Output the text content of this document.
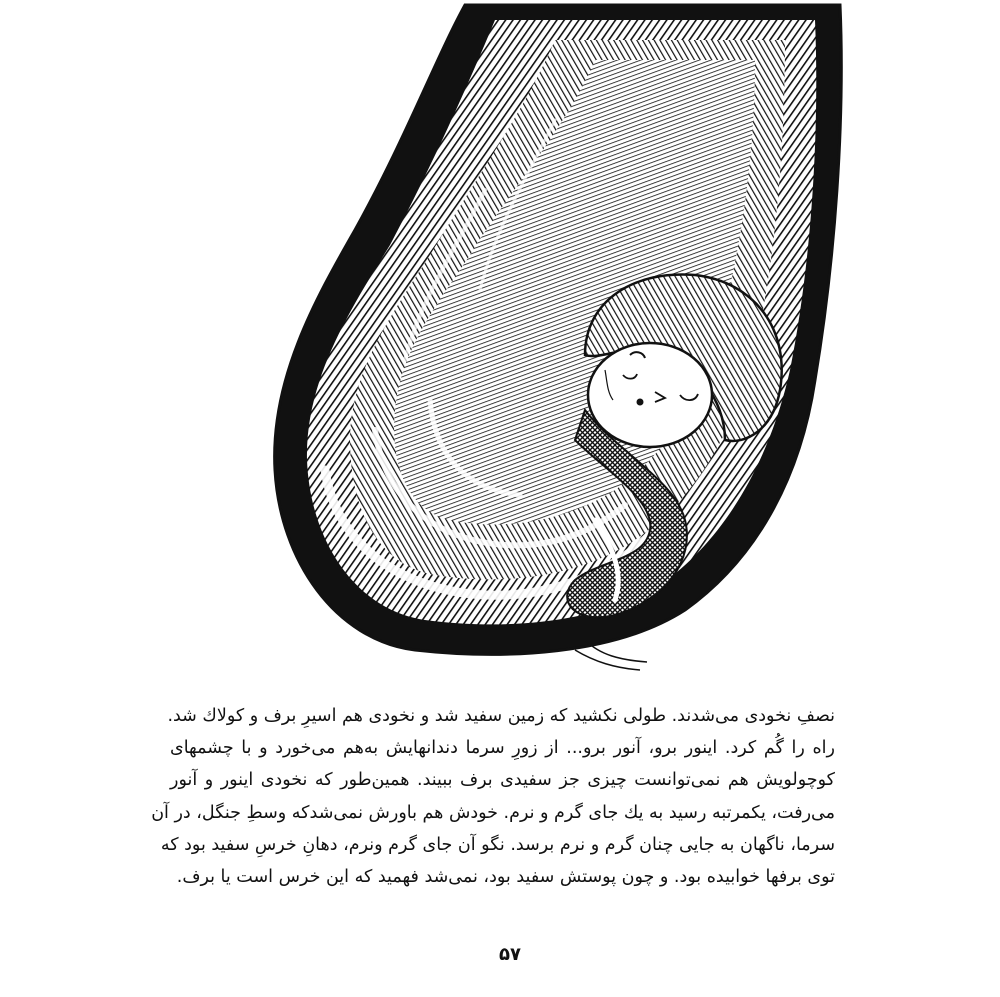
نصفِ نخودی می‌شدند. طولی نکشید که زمین سفید شد و نخودی هم اسیرِ برف و کولاك شد.
راه را گُم کرد. اینور برو، آنور برو... از زورِ سرما دندانهایش به‌هم می‌خورد و با چشمهای
کوچولویش هم نمی‌توانست چیزی جز سفیدی برف ببیند. همین‌طور که نخودی اینور و آنور
می‌رفت، یکمرتبه رسید به یك جای گرم و نرم. خودش هم باورش نمی‌شدکه وسطِ جنگل، در آن
سرما، ناگهان به جایی چنان گرم و نرم برسد. نگو آن جای گرم ونرم، دهانِ خرسِ سفید بود که
توی برفها خوابیده بود. و چون پوستش سفید بود، نمی‌شد فهمید که این خرس است یا برف.
۵۷
